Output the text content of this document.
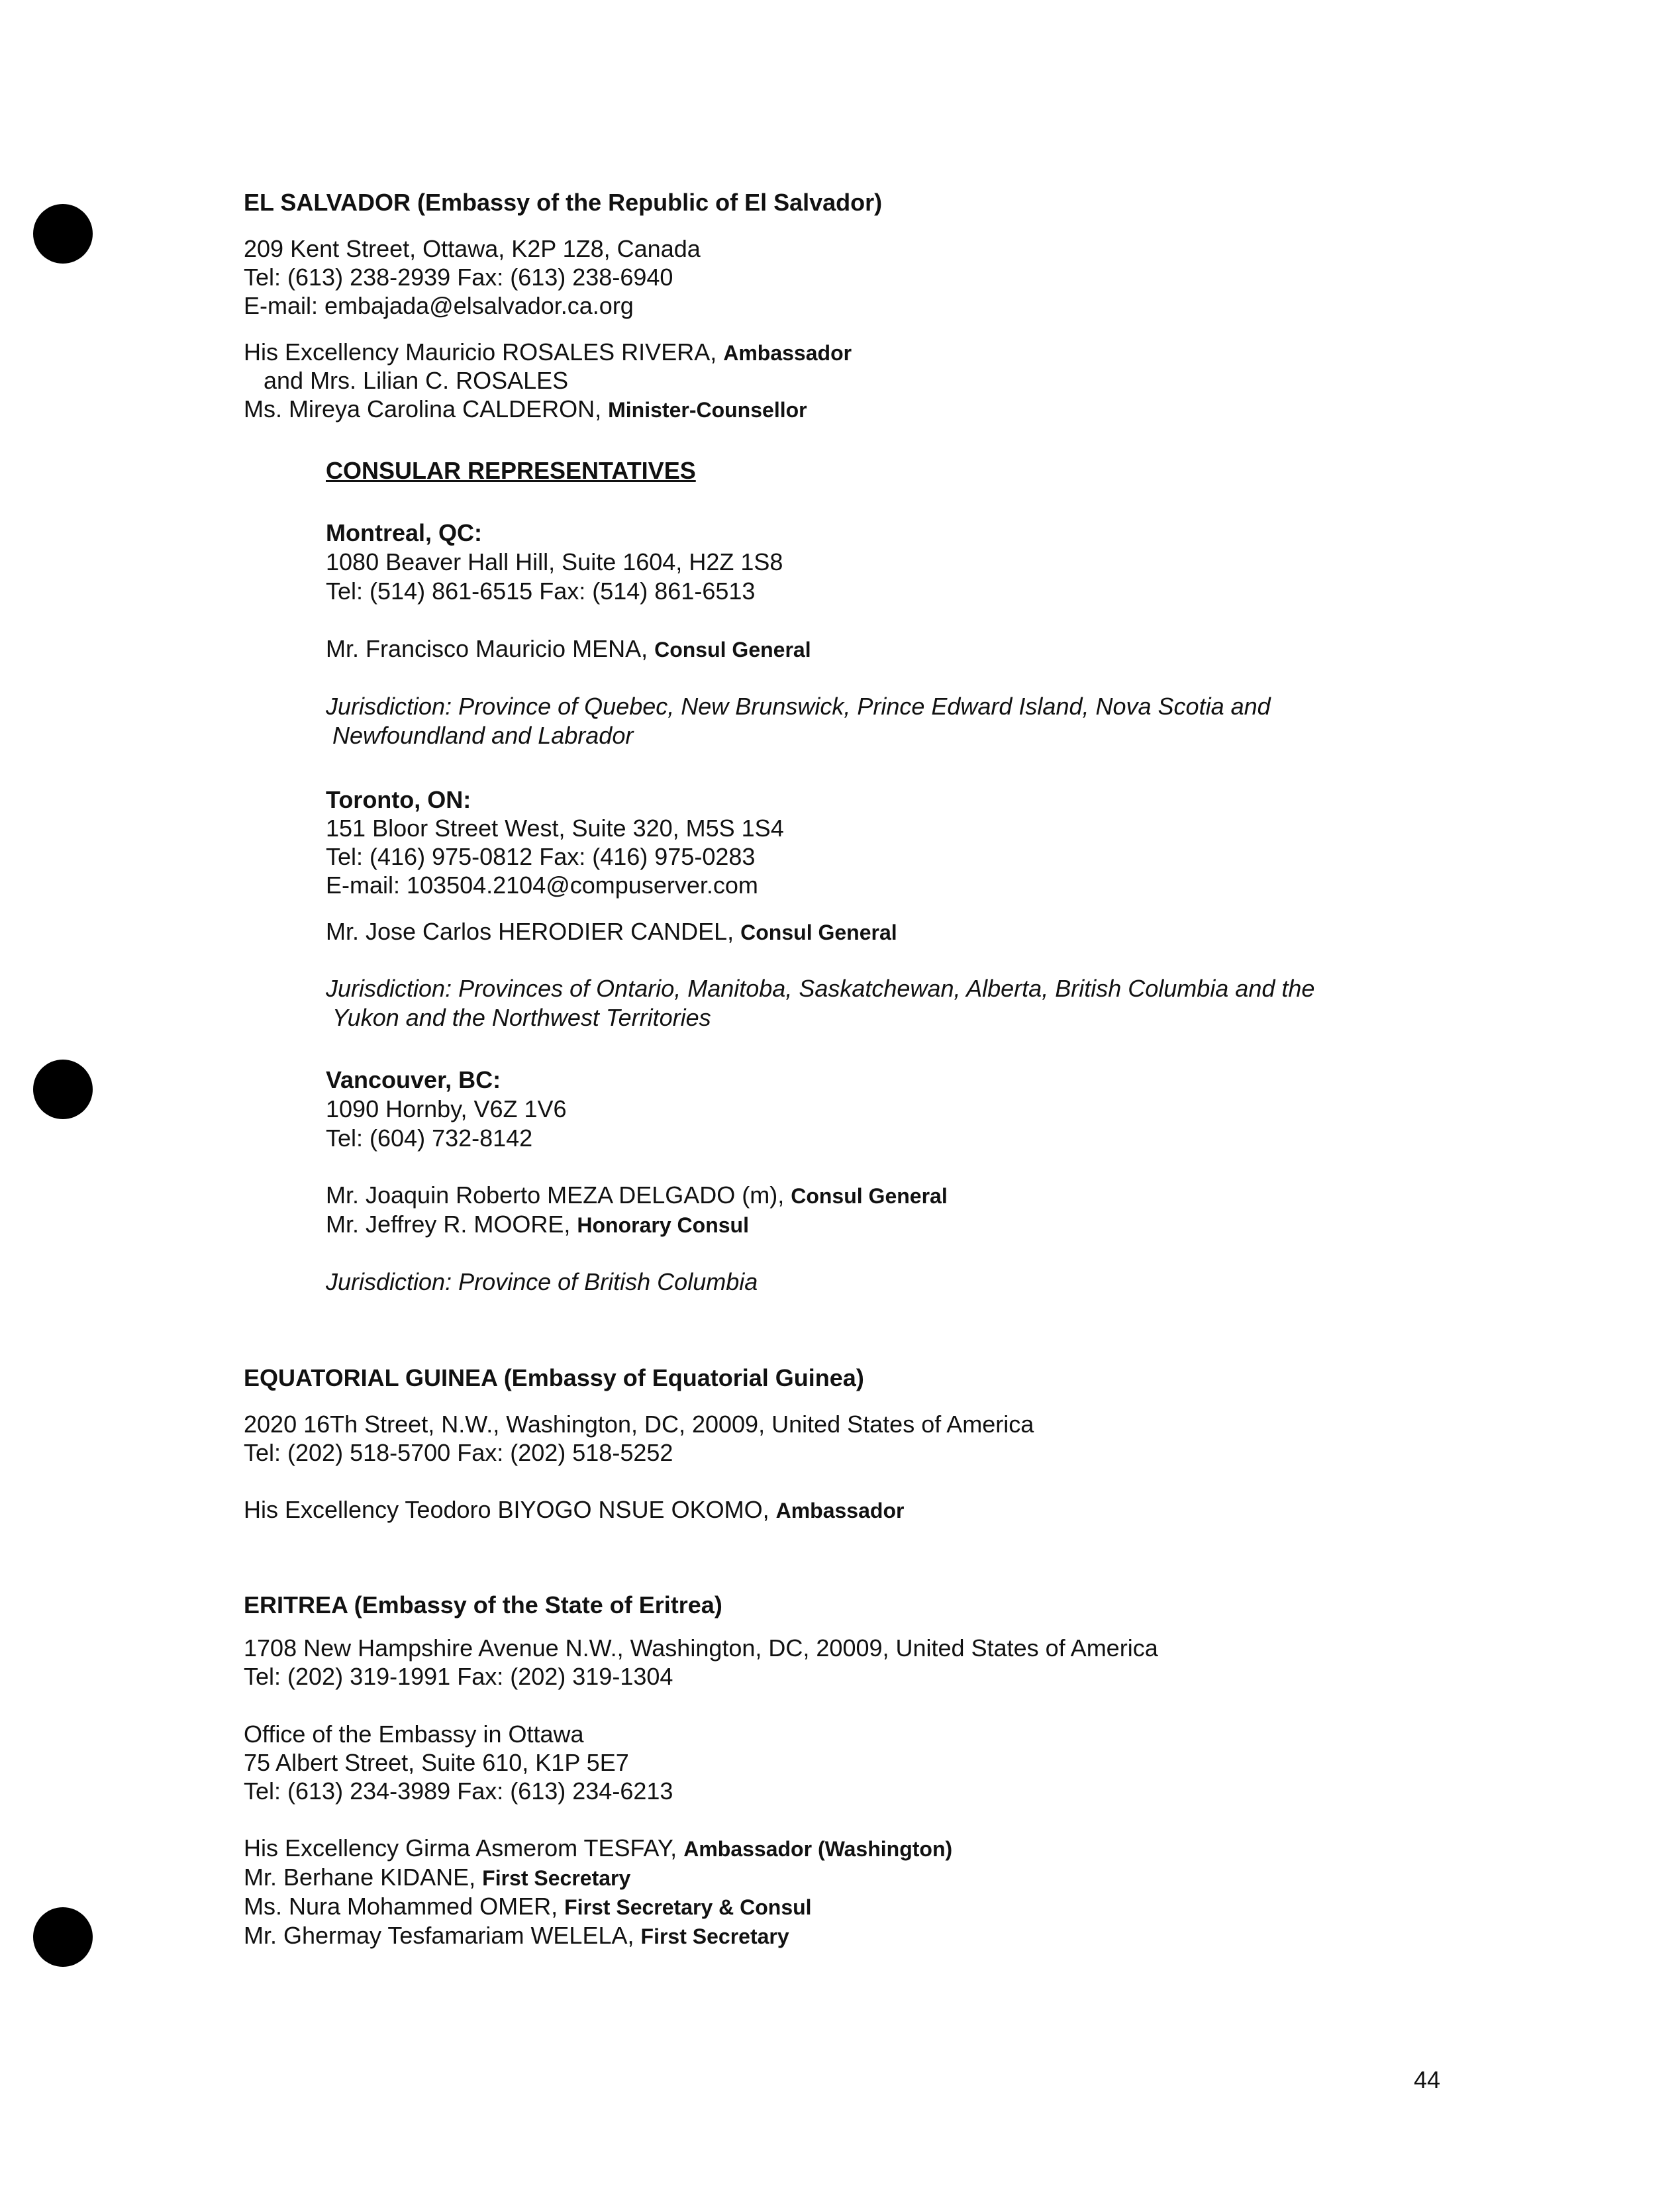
EL SALVADOR (Embassy of the Republic of El Salvador)
209 Kent Street, Ottawa, K2P 1Z8, Canada
Tel: (613) 238-2939 Fax: (613) 238-6940
E-mail: embajada@elsalvador.ca.org
His Excellency Mauricio ROSALES RIVERA, Ambassador
and Mrs. Lilian C. ROSALES
Ms. Mireya Carolina CALDERON, Minister-Counsellor
CONSULAR REPRESENTATIVES
Montreal, QC:
1080 Beaver Hall Hill, Suite 1604, H2Z 1S8
Tel: (514) 861-6515 Fax: (514) 861-6513
Mr. Francisco Mauricio MENA, Consul General
Jurisdiction: Province of Quebec, New Brunswick, Prince Edward Island, Nova Scotia and
Newfoundland and Labrador
Toronto, ON:
151 Bloor Street West, Suite 320, M5S 1S4
Tel: (416) 975-0812 Fax: (416) 975-0283
E-mail: 103504.2104@compuserver.com
Mr. Jose Carlos HERODIER CANDEL, Consul General
Jurisdiction: Provinces of Ontario, Manitoba, Saskatchewan, Alberta, British Columbia and the
Yukon and the Northwest Territories
Vancouver, BC:
1090 Hornby, V6Z 1V6
Tel: (604) 732-8142
Mr. Joaquin Roberto MEZA DELGADO (m), Consul General
Mr. Jeffrey R. MOORE, Honorary Consul
Jurisdiction: Province of British Columbia
EQUATORIAL GUINEA (Embassy of Equatorial Guinea)
2020 16Th Street, N.W., Washington, DC, 20009, United States of America
Tel: (202) 518-5700 Fax: (202) 518-5252
His Excellency Teodoro BIYOGO NSUE OKOMO, Ambassador
ERITREA (Embassy of the State of Eritrea)
1708 New Hampshire Avenue N.W., Washington, DC, 20009, United States of America
Tel: (202) 319-1991 Fax: (202) 319-1304
Office of the Embassy in Ottawa
75 Albert Street, Suite 610, K1P 5E7
Tel: (613) 234-3989 Fax: (613) 234-6213
His Excellency Girma Asmerom TESFAY, Ambassador (Washington)
Mr. Berhane KIDANE, First Secretary
Ms. Nura Mohammed OMER, First Secretary & Consul
Mr. Ghermay Tesfamariam WELELA, First Secretary
44
